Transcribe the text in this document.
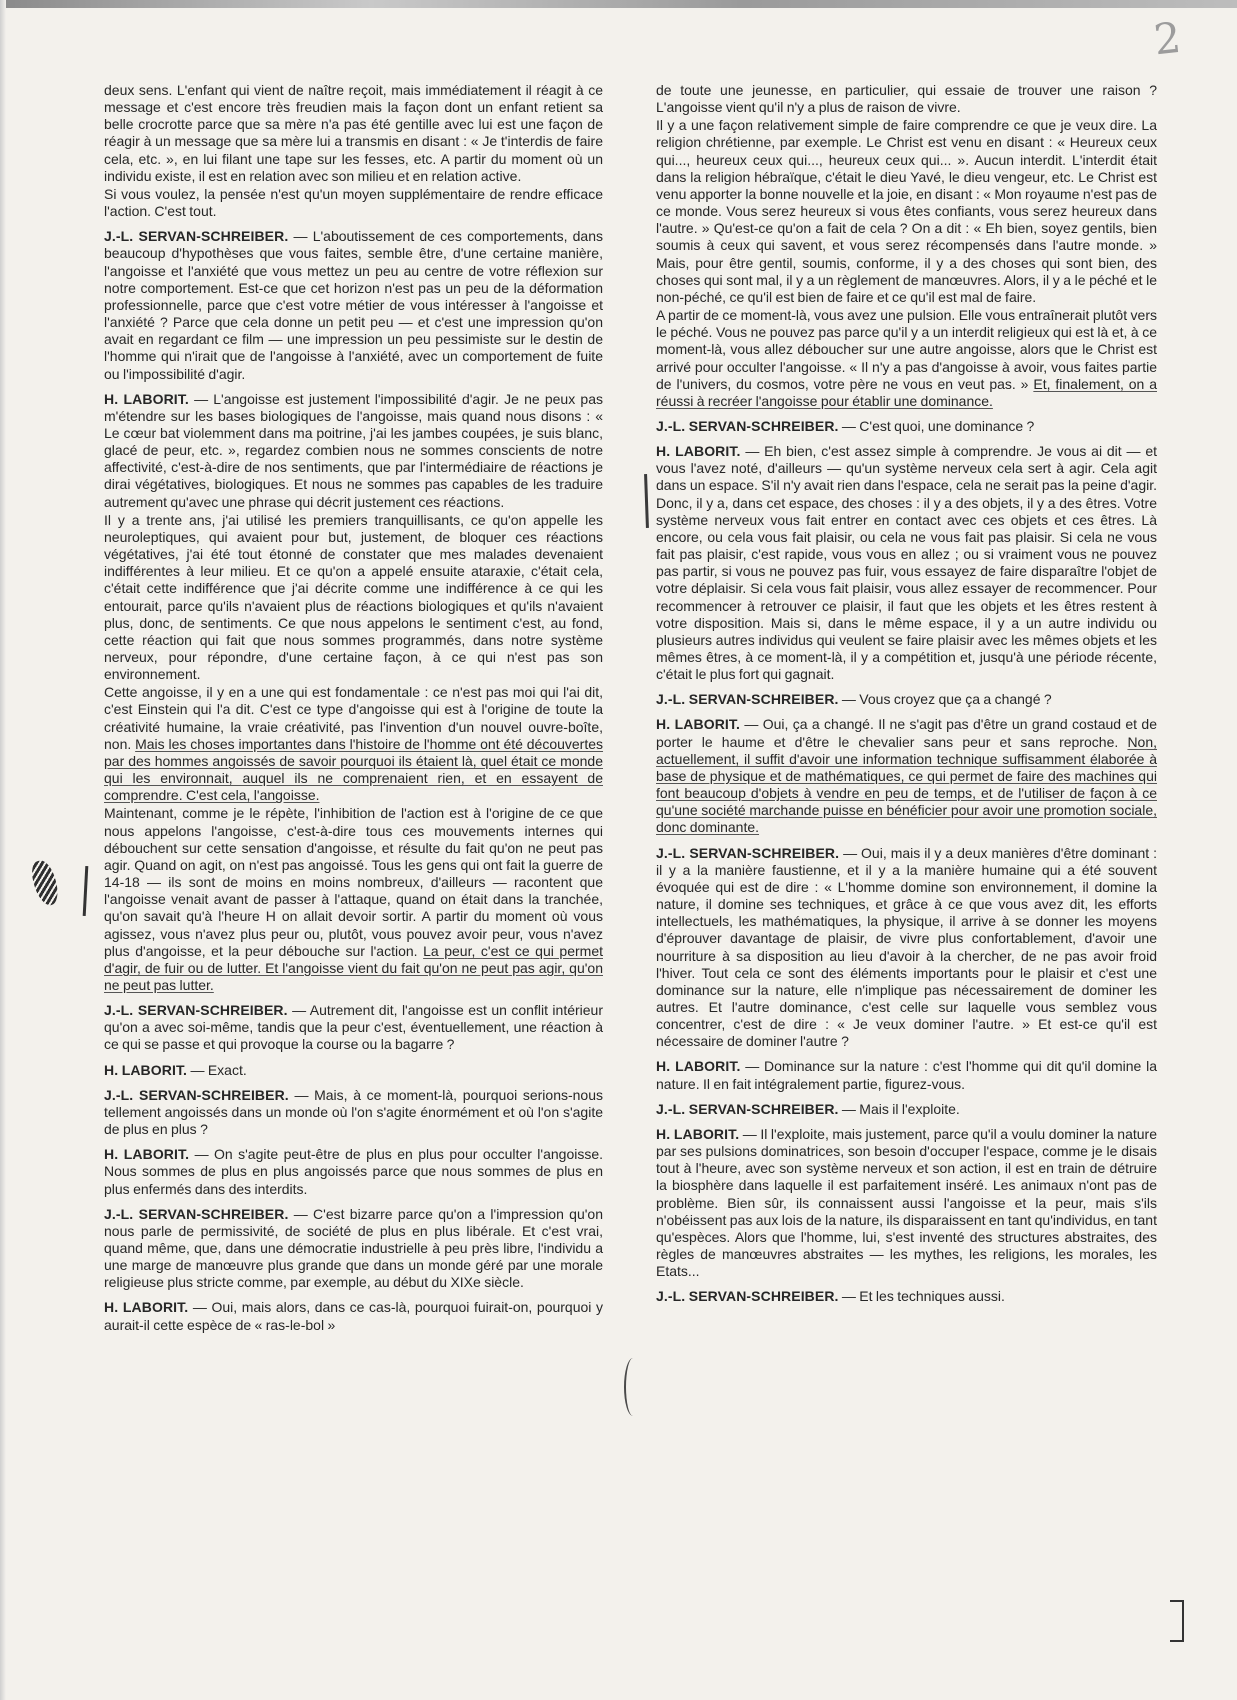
2

deux sens. L'enfant qui vient de naître reçoit, mais immédiatement il réagit à ce message et c'est encore très freudien mais la façon dont un enfant retient sa belle crocrotte parce que sa mère n'a pas été gentille avec lui est une façon de réagir à un message que sa mère lui a transmis en disant : « Je t'interdis de faire cela, etc. », en lui filant une tape sur les fesses, etc. A partir du moment où un individu existe, il est en relation avec son milieu et en relation active.

Si vous voulez, la pensée n'est qu'un moyen supplémentaire de rendre efficace l'action. C'est tout.

J.-L. SERVAN-SCHREIBER. — L'aboutissement de ces comportements, dans beaucoup d'hypothèses que vous faites, semble être, d'une certaine manière, l'angoisse et l'anxiété que vous mettez un peu au centre de votre réflexion sur notre comportement. Est-ce que cet horizon n'est pas un peu de la déformation professionnelle, parce que c'est votre métier de vous intéresser à l'angoisse et l'anxiété ? Parce que cela donne un petit peu — et c'est une impression qu'on avait en regardant ce film — une impression un peu pessimiste sur le destin de l'homme qui n'irait que de l'angoisse à l'anxiété, avec un comportement de fuite ou l'impossibilité d'agir.

H. LABORIT. — L'angoisse est justement l'impossibilité d'agir. Je ne peux pas m'étendre sur les bases biologiques de l'angoisse, mais quand nous disons : « Le cœur bat violemment dans ma poitrine, j'ai les jambes coupées, je suis blanc, glacé de peur, etc. », regardez combien nous ne sommes conscients de notre affectivité, c'est-à-dire de nos sentiments, que par l'intermédiaire de réactions je dirai végétatives, biologiques. Et nous ne sommes pas capables de les traduire autrement qu'avec une phrase qui décrit justement ces réactions.

Il y a trente ans, j'ai utilisé les premiers tranquillisants, ce qu'on appelle les neuroleptiques, qui avaient pour but, justement, de bloquer ces réactions végétatives, j'ai été tout étonné de constater que mes malades devenaient indifférentes à leur milieu. Et ce qu'on a appelé ensuite ataraxie, c'était cela, c'était cette indifférence que j'ai décrite comme une indifférence à ce qui les entourait, parce qu'ils n'avaient plus de réactions biologiques et qu'ils n'avaient plus, donc, de sentiments. Ce que nous appelons le sentiment c'est, au fond, cette réaction qui fait que nous sommes programmés, dans notre système nerveux, pour répondre, d'une certaine façon, à ce qui n'est pas son environnement.

Cette angoisse, il y en a une qui est fondamentale : ce n'est pas moi qui l'ai dit, c'est Einstein qui l'a dit. C'est ce type d'angoisse qui est à l'origine de toute la créativité humaine, la vraie créativité, pas l'invention d'un nouvel ouvre-boîte, non. Mais les choses importantes dans l'histoire de l'homme ont été découvertes par des hommes angoissés de savoir pourquoi ils étaient là, quel était ce monde qui les environnait, auquel ils ne comprenaient rien, et en essayent de comprendre. C'est cela, l'angoisse.

Maintenant, comme je le répète, l'inhibition de l'action est à l'origine de ce que nous appelons l'angoisse, c'est-à-dire tous ces mouvements internes qui débouchent sur cette sensation d'angoisse, et résulte du fait qu'on ne peut pas agir. Quand on agit, on n'est pas angoissé. Tous les gens qui ont fait la guerre de 14-18 — ils sont de moins en moins nombreux, d'ailleurs — racontent que l'angoisse venait avant de passer à l'attaque, quand on était dans la tranchée, qu'on savait qu'à l'heure H on allait devoir sortir. A partir du moment où vous agissez, vous n'avez plus peur ou, plutôt, vous pouvez avoir peur, vous n'avez plus d'angoisse, et la peur débouche sur l'action. La peur, c'est ce qui permet d'agir, de fuir ou de lutter. Et l'angoisse vient du fait qu'on ne peut pas agir, qu'on ne peut pas lutter.

J.-L. SERVAN-SCHREIBER. — Autrement dit, l'angoisse est un conflit intérieur qu'on a avec soi-même, tandis que la peur c'est, éventuellement, une réaction à ce qui se passe et qui provoque la course ou la bagarre ?

H. LABORIT. — Exact.

J.-L. SERVAN-SCHREIBER. — Mais, à ce moment-là, pourquoi serions-nous tellement angoissés dans un monde où l'on s'agite énormément et où l'on s'agite de plus en plus ?

H. LABORIT. — On s'agite peut-être de plus en plus pour occulter l'angoisse. Nous sommes de plus en plus angoissés parce que nous sommes de plus en plus enfermés dans des interdits.

J.-L. SERVAN-SCHREIBER. — C'est bizarre parce qu'on a l'impression qu'on nous parle de permissivité, de société de plus en plus libérale. Et c'est vrai, quand même, que, dans une démocratie industrielle à peu près libre, l'individu a une marge de manœuvre plus grande que dans un monde géré par une morale religieuse plus stricte comme, par exemple, au début du XIXe siècle.

H. LABORIT. — Oui, mais alors, dans ce cas-là, pourquoi fuirait-on, pourquoi y aurait-il cette espèce de « ras-le-bol »

de toute une jeunesse, en particulier, qui essaie de trouver une raison ? L'angoisse vient qu'il n'y a plus de raison de vivre.

Il y a une façon relativement simple de faire comprendre ce que je veux dire. La religion chrétienne, par exemple. Le Christ est venu en disant : « Heureux ceux qui..., heureux ceux qui..., heureux ceux qui... ». Aucun interdit. L'interdit était dans la religion hébraïque, c'était le dieu Yavé, le dieu vengeur, etc. Le Christ est venu apporter la bonne nouvelle et la joie, en disant : « Mon royaume n'est pas de ce monde. Vous serez heureux si vous êtes confiants, vous serez heureux dans l'autre. » Qu'est-ce qu'on a fait de cela ? On a dit : « Eh bien, soyez gentils, bien soumis à ceux qui savent, et vous serez récompensés dans l'autre monde. » Mais, pour être gentil, soumis, conforme, il y a des choses qui sont bien, des choses qui sont mal, il y a un règlement de manœuvres. Alors, il y a le péché et le non-péché, ce qu'il est bien de faire et ce qu'il est mal de faire.

A partir de ce moment-là, vous avez une pulsion. Elle vous entraînerait plutôt vers le péché. Vous ne pouvez pas parce qu'il y a un interdit religieux qui est là et, à ce moment-là, vous allez déboucher sur une autre angoisse, alors que le Christ est arrivé pour occulter l'angoisse. « Il n'y a pas d'angoisse à avoir, vous faites partie de l'univers, du cosmos, votre père ne vous en veut pas. » Et, finalement, on a réussi à recréer l'angoisse pour établir une dominance.

J.-L. SERVAN-SCHREIBER. — C'est quoi, une dominance ?

H. LABORIT. — Eh bien, c'est assez simple à comprendre. Je vous ai dit — et vous l'avez noté, d'ailleurs — qu'un système nerveux cela sert à agir. Cela agit dans un espace. S'il n'y avait rien dans l'espace, cela ne serait pas la peine d'agir. Donc, il y a, dans cet espace, des choses : il y a des objets, il y a des êtres. Votre système nerveux vous fait entrer en contact avec ces objets et ces êtres. Là encore, ou cela vous fait plaisir, ou cela ne vous fait pas plaisir. Si cela ne vous fait pas plaisir, c'est rapide, vous vous en allez ; ou si vraiment vous ne pouvez pas partir, si vous ne pouvez pas fuir, vous essayez de faire disparaître l'objet de votre déplaisir. Si cela vous fait plaisir, vous allez essayer de recommencer. Pour recommencer à retrouver ce plaisir, il faut que les objets et les êtres restent à votre disposition. Mais si, dans le même espace, il y a un autre individu ou plusieurs autres individus qui veulent se faire plaisir avec les mêmes objets et les mêmes êtres, à ce moment-là, il y a compétition et, jusqu'à une période récente, c'était le plus fort qui gagnait.

J.-L. SERVAN-SCHREIBER. — Vous croyez que ça a changé ?

H. LABORIT. — Oui, ça a changé. Il ne s'agit pas d'être un grand costaud et de porter le haume et d'être le chevalier sans peur et sans reproche. Non, actuellement, il suffit d'avoir une information technique suffisamment élaborée à base de physique et de mathématiques, ce qui permet de faire des machines qui font beaucoup d'objets à vendre en peu de temps, et de l'utiliser de façon à ce qu'une société marchande puisse en bénéficier pour avoir une promotion sociale, donc dominante.

J.-L. SERVAN-SCHREIBER. — Oui, mais il y a deux manières d'être dominant : il y a la manière faustienne, et il y a la manière humaine qui a été souvent évoquée qui est de dire : « L'homme domine son environnement, il domine la nature, il domine ses techniques, et grâce à ce que vous avez dit, les efforts intellectuels, les mathématiques, la physique, il arrive à se donner les moyens d'éprouver davantage de plaisir, de vivre plus confortablement, d'avoir une nourriture à sa disposition au lieu d'avoir à la chercher, de ne pas avoir froid l'hiver. Tout cela ce sont des éléments importants pour le plaisir et c'est une dominance sur la nature, elle n'implique pas nécessairement de dominer les autres. Et l'autre dominance, c'est celle sur laquelle vous semblez vous concentrer, c'est de dire : « Je veux dominer l'autre. » Et est-ce qu'il est nécessaire de dominer l'autre ?

H. LABORIT. — Dominance sur la nature : c'est l'homme qui dit qu'il domine la nature. Il en fait intégralement partie, figurez-vous.

J.-L. SERVAN-SCHREIBER. — Mais il l'exploite.

H. LABORIT. — Il l'exploite, mais justement, parce qu'il a voulu dominer la nature par ses pulsions dominatrices, son besoin d'occuper l'espace, comme je le disais tout à l'heure, avec son système nerveux et son action, il est en train de détruire la biosphère dans laquelle il est parfaitement inséré. Les animaux n'ont pas de problème. Bien sûr, ils connaissent aussi l'angoisse et la peur, mais s'ils n'obéissent pas aux lois de la nature, ils disparaissent en tant qu'individus, en tant qu'espèces. Alors que l'homme, lui, s'est inventé des structures abstraites, des règles de manœuvres abstraites — les mythes, les religions, les morales, les Etats...

J.-L. SERVAN-SCHREIBER. — Et les techniques aussi.
